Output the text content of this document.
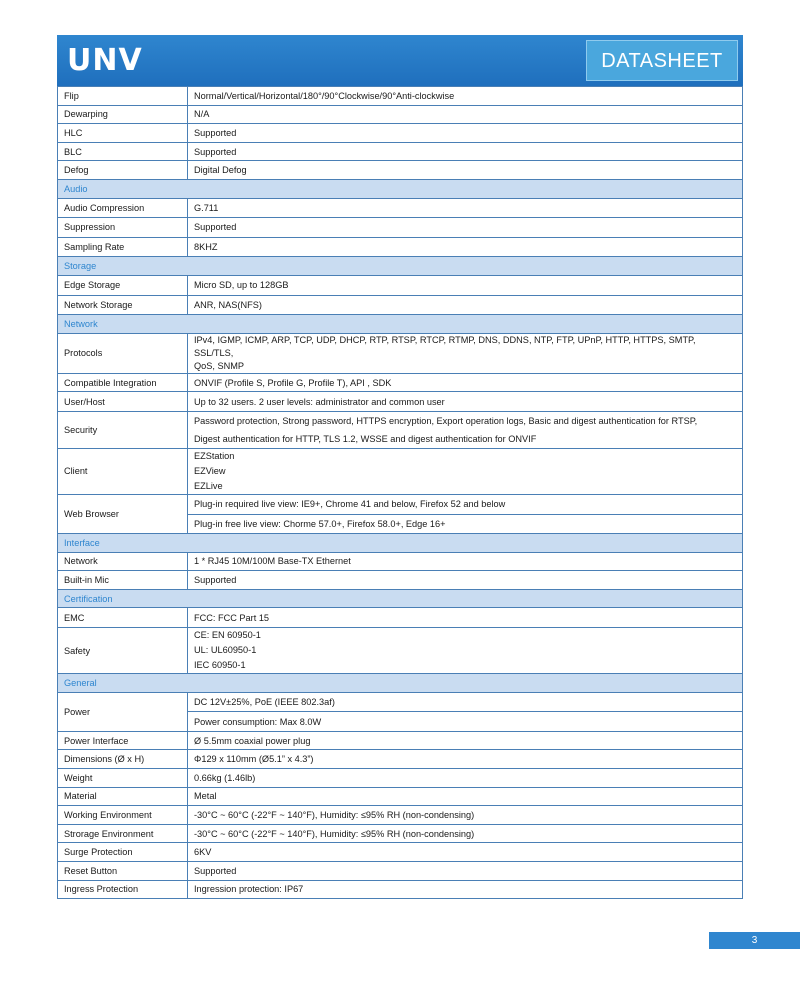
UNV	DATASHEET
Flip	Normal/Vertical/Horizontal/180°/90°Clockwise/90°Anti-clockwise
Dewarping	N/A
HLC	Supported
BLC	Supported
Defog	Digital Defog
Audio	
Audio Compression	G.711
Suppression	Supported
Sampling Rate	8KHZ
Storage	
Edge Storage	Micro SD, up to 128GB
Network Storage	ANR, NAS(NFS)
Network	
Protocols	IPv4, IGMP, ICMP, ARP, TCP, UDP, DHCP, RTP, RTSP, RTCP, RTMP, DNS, DDNS, NTP, FTP, UPnP, HTTP, HTTPS, SMTP, SSL/TLS,
QoS, SNMP

Compatible Integration	ONVIF (Profile S, Profile G, Profile T), API , SDK
User/Host	Up to 32 users. 2 user levels: administrator and common user
Security	Password protection, Strong password, HTTPS encryption, Export operation logs, Basic and digest authentication for RTSP,
Digest authentication for HTTP, TLS 1.2, WSSE and digest authentication for ONVIF

Client	EZStation
EZView
EZLive

Web Browser	Plug-in required live view: IE9+, Chrome 41 and below, Firefox 52 and below
	Plug-in free live view: Chorme 57.0+, Firefox 58.0+, Edge 16+
Interface	
Network	1 * RJ45 10M/100M Base-TX Ethernet
Built-in Mic	Supported
Certification	
EMC	FCC: FCC Part 15
Safety	CE: EN 60950-1
UL: UL60950-1
IEC 60950-1

General	
Power	DC 12V±25%, PoE (IEEE 802.3af)
	Power consumption: Max 8.0W
Power Interface	Ø 5.5mm coaxial power plug
Dimensions (Ø x H)	Φ129 x 110mm (Ø5.1” x 4.3”)
Weight	0.66kg (1.46lb)
Material	Metal
Working Environment	-30°C ~ 60°C (-22°F ~ 140°F), Humidity: ≤95% RH (non-condensing)
Strorage Environment	-30°C ~ 60°C (-22°F ~ 140°F), Humidity: ≤95% RH (non-condensing)
Surge Protection	6KV
Reset Button	Supported
Ingress Protection	Ingression protection: IP67
3
